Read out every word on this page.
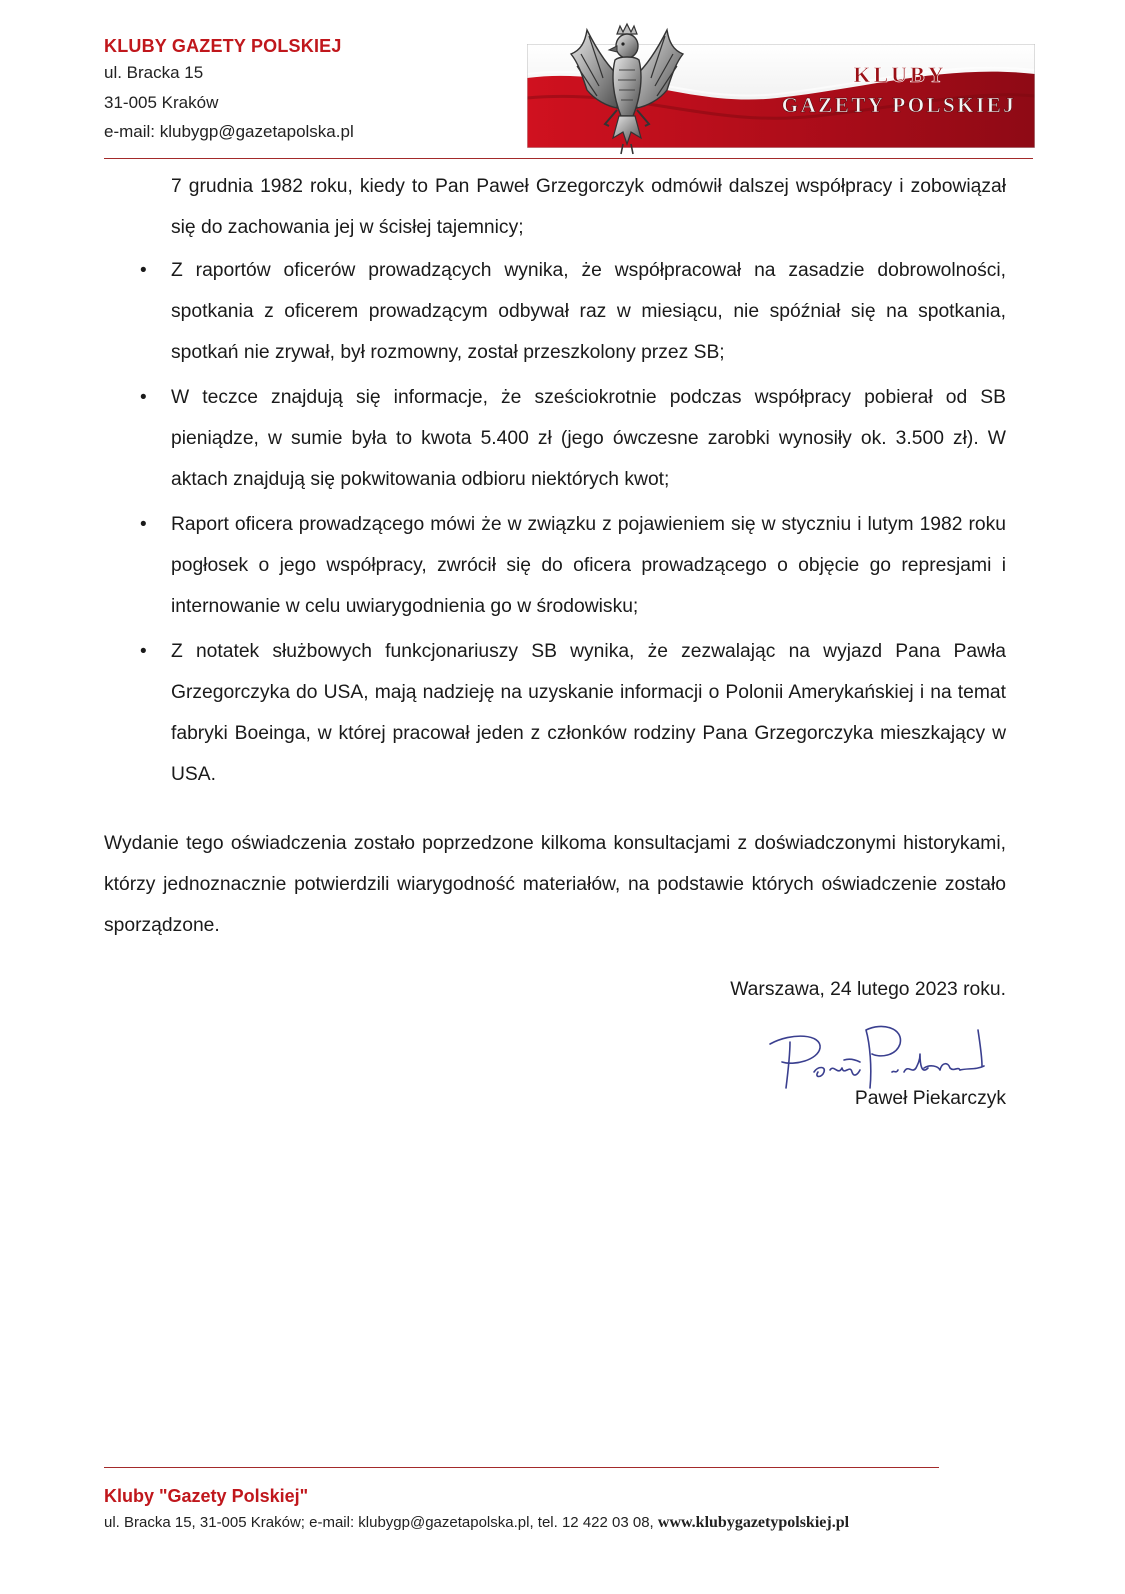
KLUBY GAZETY POLSKIEJ
ul. Bracka 15
31-005 Kraków
e-mail: klubygp@gazetapolska.pl
KLUBY
GAZETY POLSKIEJ

7 grudnia 1982 roku, kiedy to Pan Paweł Grzegorczyk odmówił dalszej współpracy i zobowiązał się do zachowania jej w ścisłej tajemnicy;

• Z raportów oficerów prowadzących wynika, że współpracował na zasadzie dobrowolności, spotkania z oficerem prowadzącym odbywał raz w miesiącu, nie spóźniał się na spotkania, spotkań nie zrywał, był rozmowny, został przeszkolony przez SB;
• W teczce znajdują się informacje, że sześciokrotnie podczas współpracy pobierał od SB pieniądze, w sumie była to kwota 5.400 zł (jego ówczesne zarobki wynosiły ok. 3.500 zł). W aktach znajdują się pokwitowania odbioru niektórych kwot;
• Raport oficera prowadzącego mówi że w związku z pojawieniem się w styczniu i lutym 1982 roku pogłosek o jego współpracy, zwrócił się do oficera prowadzącego o objęcie go represjami i internowanie w celu uwiarygodnienia go w środowisku;
• Z notatek służbowych funkcjonariuszy SB wynika, że zezwalając na wyjazd Pana Pawła Grzegorczyka do USA, mają nadzieję na uzyskanie informacji o Polonii Amerykańskiej i na temat fabryki Boeinga, w której pracował jeden z członków rodziny Pana Grzegorczyka mieszkający w USA.

Wydanie tego oświadczenia zostało poprzedzone kilkoma konsultacjami z doświadczonymi historykami, którzy jednoznacznie potwierdzili wiarygodność materiałów, na podstawie których oświadczenie zostało sporządzone.

Warszawa, 24 lutego 2023 roku.
Paweł Piekarczyk
Kluby "Gazety Polskiej"
ul. Bracka 15, 31-005 Kraków; e-mail: klubygp@gazetapolska.pl, tel. 12 422 03 08, www.klubygazetypolskiej.pl
